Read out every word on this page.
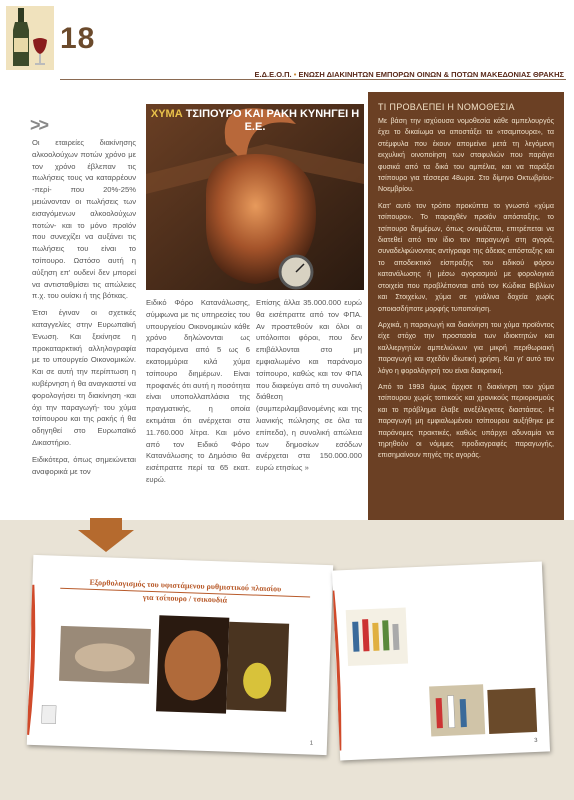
18
Ε.Δ.Ε.Ο.Π. • ΕΝΩΣΗ ΔΙΑΚΙΝΗΤΩΝ ΕΜΠΟΡΩΝ ΟΙΝΩΝ & ΠΟΤΩΝ ΜΑΚΕΔΟΝΙΑΣ ΘΡΑΚΗΣ
>>

Οι εταιρείες διακίνησης αλκοολούχων ποτών χρόνο με τον χρόνο έβλεπαν τις πωλήσεις τους να καταρρέουν -περί- που 20%-25% μειώνονταν οι πωλήσεις των εισαγόμενων αλκοολούχων ποτών- και το μόνο προϊόν που συνεχίζει να αυξάνει τις πωλήσεις του είναι το τσίπουρο. Ωστόσο αυτή η αύξηση επ' ουδενί δεν μπορεί να αντισταθμίσει τις απώλειες π.χ. του ουίσκι ή της βότκας.

Έτσι έγιναν οι σχετικές καταγγελίες στην Ευρωπαϊκή Ένωση. Και ξεκίνησε η προκαταρκτική αλληλογραφία με το υπουργείο Οικονομικών. Και σε αυτή την περίπτωση η κυβέρνηση ή θα αναγκαστεί να φορολογήσει τη διακίνηση -και όχι την παραγωγή- του χύμα τσίπουρου και της ρακής ή θα οδηγηθεί στο Ευρωπαϊκό Δικαστήριο.

Ειδικότερα, όπως σημειώνεται αναφορικά με τον

ΧΥΜΑ ΤΣΙΠΟΥΡΟ ΚΑΙ ΡΑΚΗ ΚΥΝΗΓΕΙ Η Ε.Ε.

Ειδικό Φόρο Κατανάλωσης, σύμφωνα με τις υπηρεσίες του υπουργείου Οικονομικών κάθε χρόνο δηλώνονται ως παραγόμενα από 5 ως 6 εκατομμύρια κιλά χύμα τσίπουρο διημέρων. Είναι προφανές ότι αυτή η ποσότητα είναι υποπολλαπλάσια της πραγματικής, η οποία εκτιμάται ότι ανέρχεται στα 11.760.000 λίτρα. Και μόνο από τον Ειδικό Φόρο Κατανάλωσης το Δημόσιο θα εισέπραττε περί τα 65 εκατ. ευρώ.

Επίσης άλλα 35.000.000 ευρώ θα εισέπραττε από τον ΦΠΑ. Αν προστεθούν και όλοι οι υπόλοιποι φόροι, που δεν επιβάλλονται στο μη εμφιαλωμένο και παράνομο τσίπουρο, καθώς και τον ΦΠΑ που διαφεύγει από τη συνολική διάθεση (συμπεριλαμβανομένης και της λιανικής πώλησης σε όλα τα επίπεδα), η συνολική απώλεια των δημοσίων εσόδων ανέρχεται στα 150.000.000 ευρώ ετησίως »

ΤΙ ΠΡΟΒΛΕΠΕΙ Η ΝΟΜΟΘΕΣΙΑ

Με βάση την ισχύουσα νομοθεσία κάθε αμπελουργός έχει το δικαίωμα να αποστάξει τα «τσαμπουρα», τα στέμφυλα που έκουν απομείνει μετά τη λεγόμενη εκχυλική οινοποίηση των σταφυλιών που παράγει φυσικά από τα δικά του αμπέλια, και να παράξει τσίπουρο για τέσσερα 48ωρα. Στο δίμηνο Οκτωβρίου-Νοεμβρίου.

Κατ' αυτό τον τρόπο προκύπτει το γνωστό «χύμα τσίπουρο». Το παραχθέν προϊόν απόσταξης, το τσίπουρο διημέρων, όπως ονομάζεται, επιτρέπεται να διατεθεί από τον ίδιο τον παραγωγό στη αγορά, συναδελφώνοντας αντίγραφο της άδειας απόσταξης και το αποδεικτικό είσπραξης του ειδικού φόρου κατανάλωσης ή μέσω αγορασμού με φορολογικά στοιχεία που προβλέπονται από τον Κώδικα Βιβλίων και Στοιχείων, χύμα σε γυάλινα δοχεία χωρίς οποιασδήποτε μορφής τυποποίηση.

Αρχικά, η παραγωγή και διακίνηση του χύμα προϊόντος είχε στόχο την προστασία των ιδιοκτητών και καλλιεργητών αμπελιώνων για μικρή περιθωριακή παραγωγή και σχεδόν ιδιωτική χρήση. Και γι' αυτό τον λόγο η φορολόγησή του είναι διακριτική.

Από το 1993 όμως άρχισε η διακίνηση του χύμα τσίπουρου χωρίς τοπικούς και χρονικούς περιορισμούς και το πρόβλημα έλαβε ανεξέλεγκτες διαστάσεις. Η παραγωγή μη εμφιαλωμένου τσίπουρου αυξήθηκε με παράνομες πρακτικές, καθώς υπάρχει αδυναμία να τηρηθούν οι νόμιμες προδιαγραφές παραγωγής, επισημαίνουν πηγές της αγοράς.

Εξορθολογισμός του υφιστάμενου ρυθμιστικού πλαισίου
για τσίπουρο / τσικουδιά
1	3
